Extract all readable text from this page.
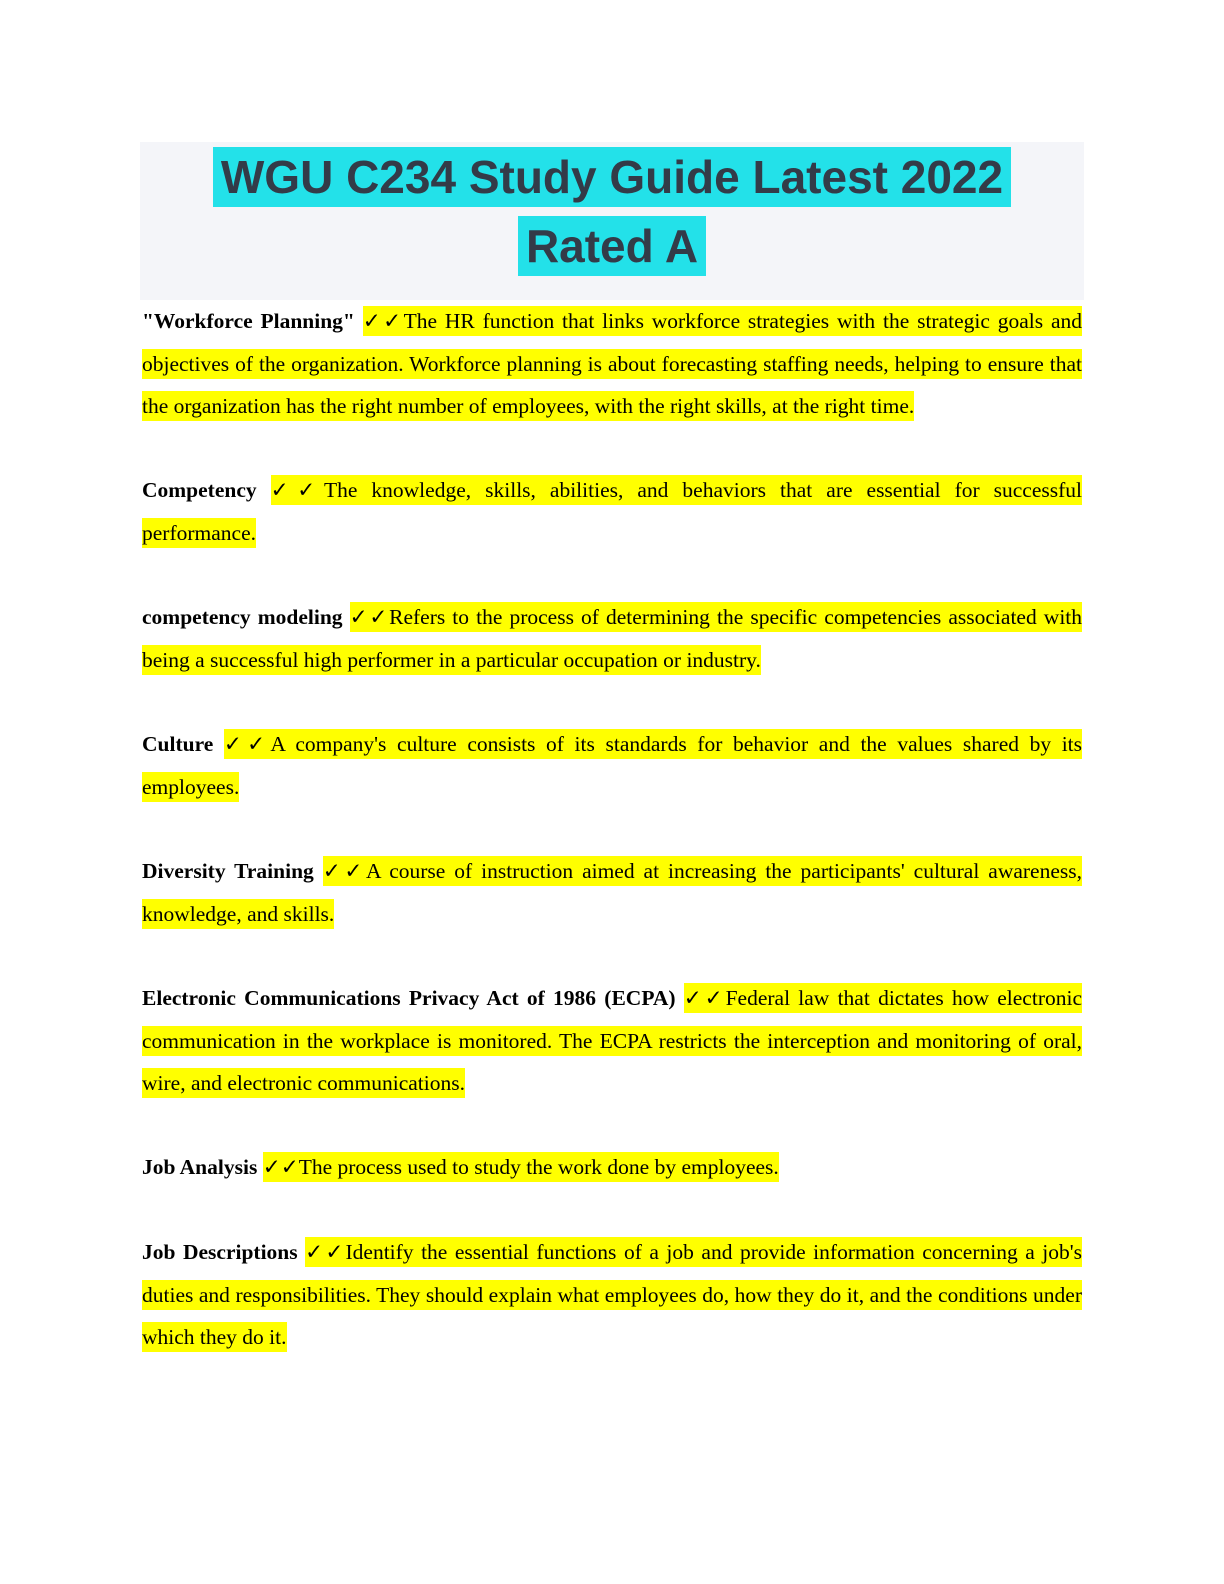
WGU C234 Study Guide Latest 2022
Rated A

"Workforce Planning" ✓✓The HR function that links workforce strategies with the strategic goals and objectives of the organization. Workforce planning is about forecasting staffing needs, helping to ensure that the organization has the right number of employees, with the right skills, at the right time.

Competency ✓✓The knowledge, skills, abilities, and behaviors that are essential for successful performance.

competency modeling ✓✓Refers to the process of determining the specific competencies associated with being a successful high performer in a particular occupation or industry.

Culture ✓✓A company's culture consists of its standards for behavior and the values shared by its employees.

Diversity Training ✓✓A course of instruction aimed at increasing the participants' cultural awareness, knowledge, and skills.

Electronic Communications Privacy Act of 1986 (ECPA) ✓✓Federal law that dictates how electronic communication in the workplace is monitored. The ECPA restricts the interception and monitoring of oral, wire, and electronic communications.

Job Analysis ✓✓The process used to study the work done by employees.

Job Descriptions ✓✓Identify the essential functions of a job and provide information concerning a job's duties and responsibilities. They should explain what employees do, how they do it, and the conditions under which they do it.
